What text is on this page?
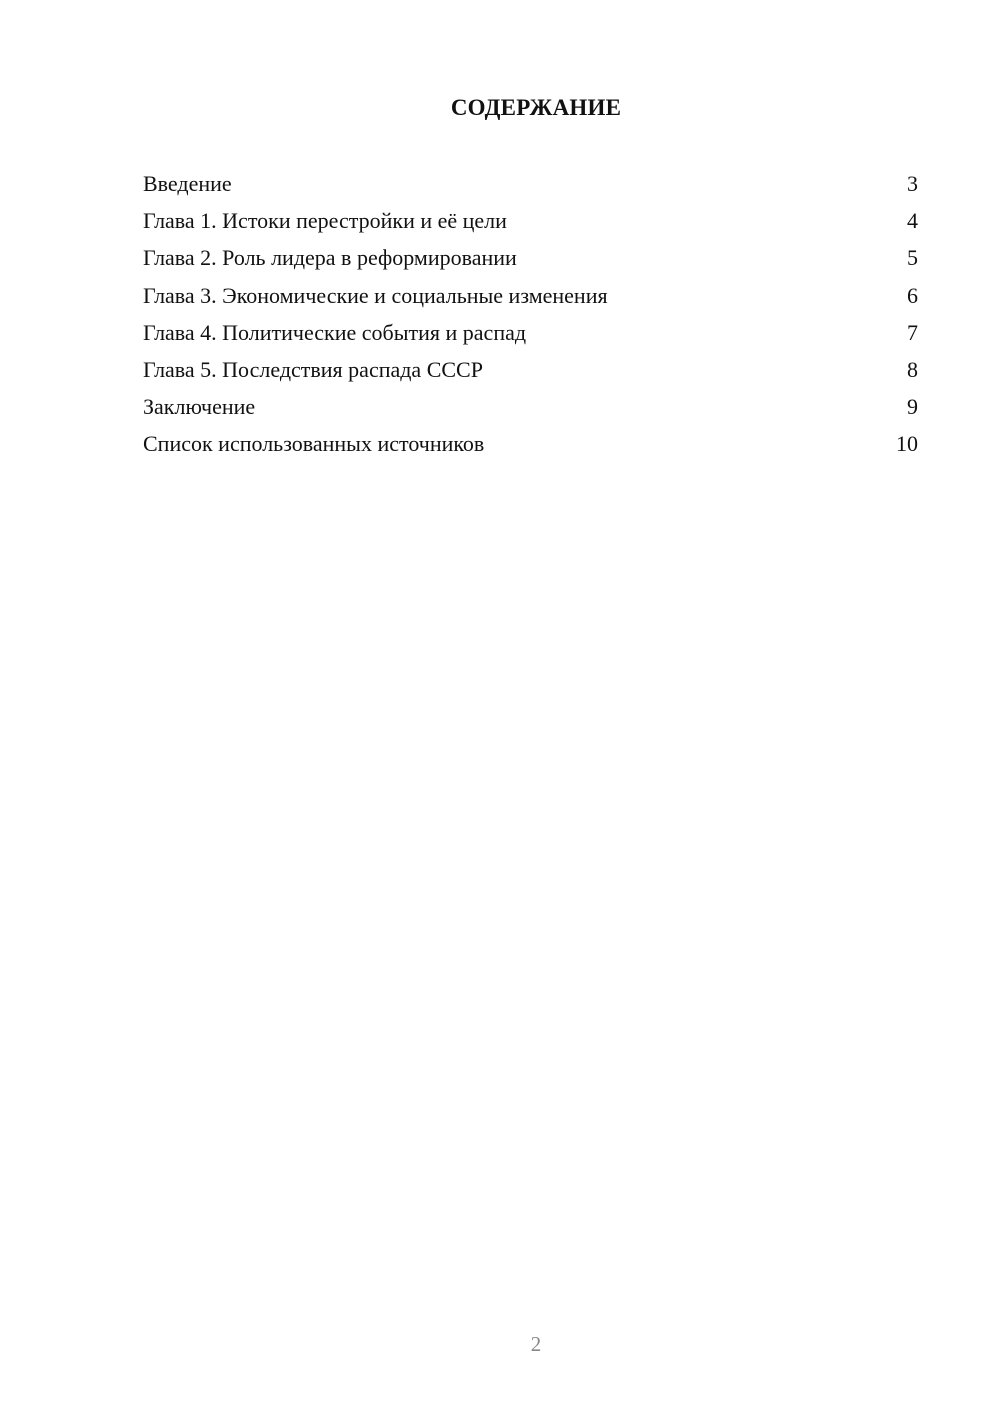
СОДЕРЖАНИЕ
Введение	3
Глава 1. Истоки перестройки и её цели	4
Глава 2. Роль лидера в реформировании	5
Глава 3. Экономические и социальные изменения	6
Глава 4. Политические события и распад	7
Глава 5. Последствия распада СССР	8
Заключение	9
Список использованных источников	10
2
